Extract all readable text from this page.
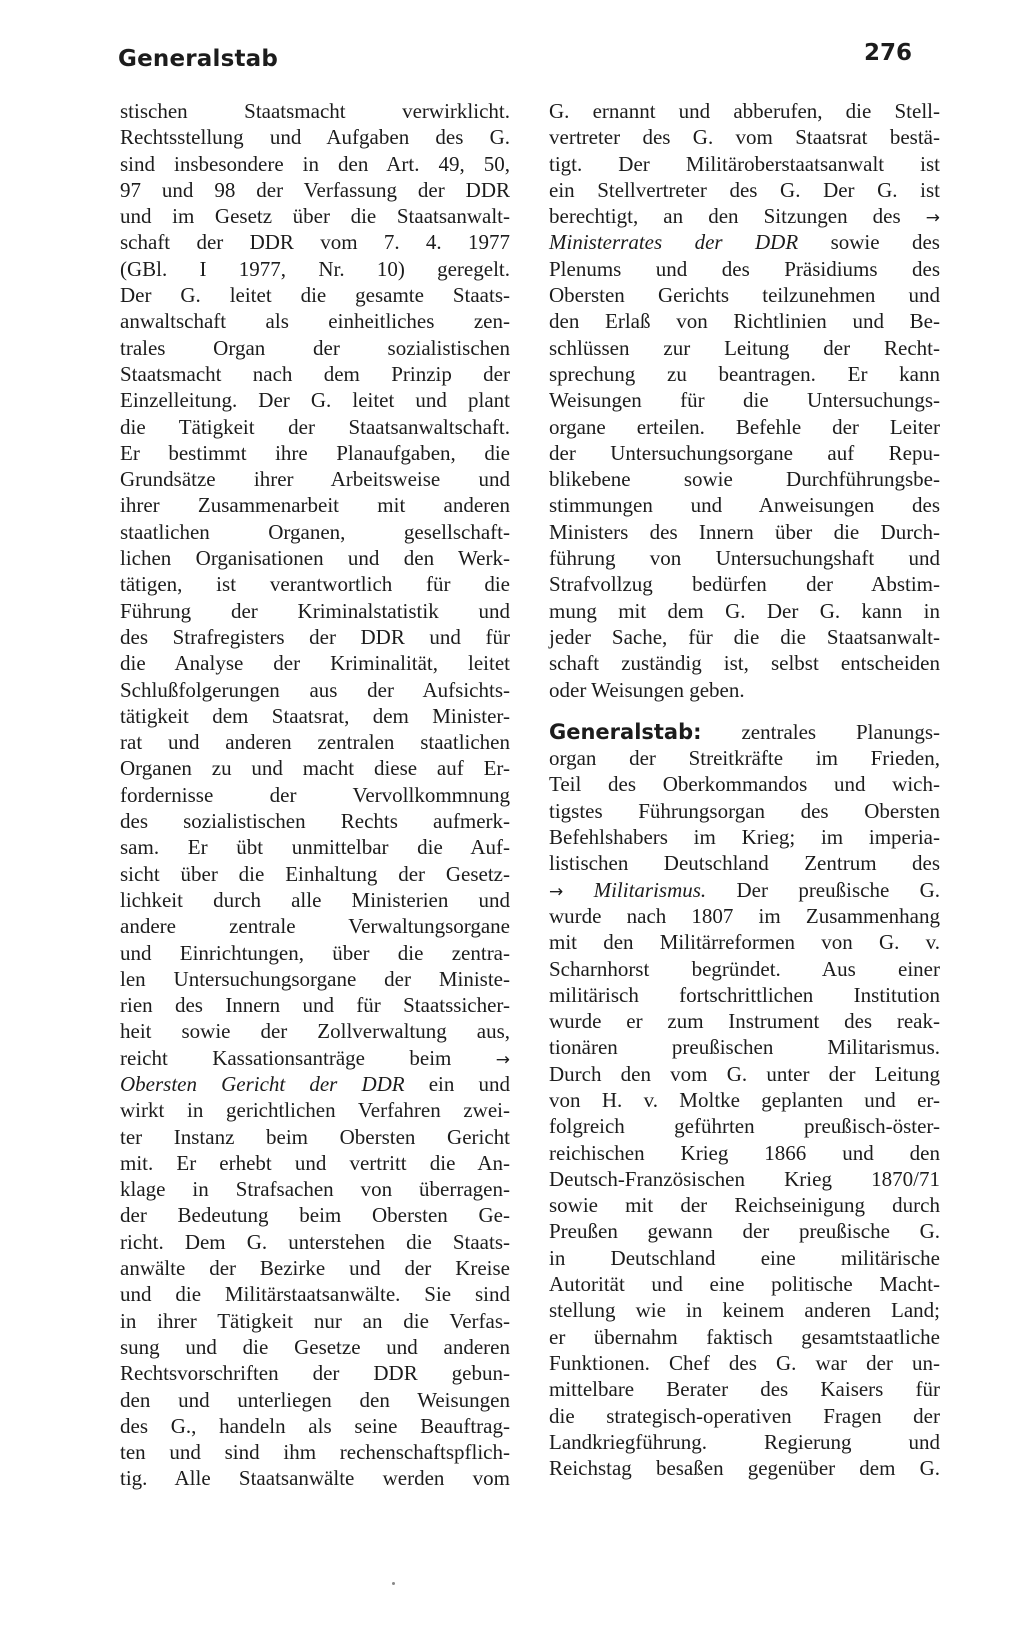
Generalstab	276
stischen Staatsmacht verwirklicht.
Rechtsstellung und Aufgaben des G.
sind insbesondere in den Art. 49, 50,
97 und 98 der Verfassung der DDR
und im Gesetz über die Staatsanwalt-
schaft der DDR vom 7. 4. 1977
(GBl. I 1977, Nr. 10) geregelt.
Der G. leitet die gesamte Staats-
anwaltschaft als einheitliches zen-
trales Organ der sozialistischen
Staatsmacht nach dem Prinzip der
Einzelleitung. Der G. leitet und plant
die Tätigkeit der Staatsanwaltschaft.
Er bestimmt ihre Planaufgaben, die
Grundsätze ihrer Arbeitsweise und
ihrer Zusammenarbeit mit anderen
staatlichen Organen, gesellschaft-
lichen Organisationen und den Werk-
tätigen, ist verantwortlich für die
Führung der Kriminalstatistik und
des Strafregisters der DDR und für
die Analyse der Kriminalität, leitet
Schlußfolgerungen aus der Aufsichts-
tätigkeit dem Staatsrat, dem Minister-
rat und anderen zentralen staatlichen
Organen zu und macht diese auf Er-
fordernisse der Vervollkommnung
des sozialistischen Rechts aufmerk-
sam. Er übt unmittelbar die Auf-
sicht über die Einhaltung der Gesetz-
lichkeit durch alle Ministerien und
andere zentrale Verwaltungsorgane
und Einrichtungen, über die zentra-
len Untersuchungsorgane der Ministe-
rien des Innern und für Staatssicher-
heit sowie der Zollverwaltung aus,
reicht Kassationsanträge beim	→
Obersten Gericht der DDR ein und
wirkt in gerichtlichen Verfahren zwei-
ter Instanz beim Obersten Gericht
mit. Er erhebt und vertritt die An-
klage in Strafsachen von überragen-
der Bedeutung beim Obersten Ge-
richt. Dem G. unterstehen die Staats-
anwälte der Bezirke und der Kreise
und die Militärstaatsanwälte. Sie sind
in ihrer Tätigkeit nur an die Verfas-
sung und die Gesetze und anderen
Rechtsvorschriften der DDR gebun-
den und unterliegen den Weisungen
des G., handeln als seine Beauftrag-
ten und sind ihm rechenschaftspflich-
tig. Alle Staatsanwälte werden vom
G. ernannt und abberufen, die Stell-
vertreter des G. vom Staatsrat bestä-
tigt. Der Militäroberstaatsanwalt ist
ein Stellvertreter des G. Der G. ist
berechtigt, an den Sitzungen des →
Ministerrates der DDR sowie des
Plenums und des Präsidiums des
Obersten Gerichts teilzunehmen und
den Erlaß von Richtlinien und Be-
schlüssen zur Leitung der Recht-
sprechung zu beantragen. Er kann
Weisungen für die Untersuchungs-
organe erteilen. Befehle der Leiter
der Untersuchungsorgane auf Repu-
blikebene sowie Durchführungsbe-
stimmungen und Anweisungen des
Ministers des Innern über die Durch-
führung von Untersuchungshaft und
Strafvollzug bedürfen der Abstim-
mung mit dem G. Der G. kann in
jeder Sache, für die die Staatsanwalt-
schaft zuständig ist, selbst entscheiden
oder Weisungen geben.
Generalstab: zentrales Planungs-
organ der Streitkräfte im Frieden,
Teil des Oberkommandos und wich-
tigstes Führungsorgan des Obersten
Befehlshabers im Krieg; im imperia-
listischen Deutschland Zentrum des
→ Militarismus. Der preußische G.
wurde nach 1807 im Zusammenhang
mit den Militärreformen von G. v.
Scharnhorst begründet. Aus einer
militärisch fortschrittlichen Institution
wurde er zum Instrument des reak-
tionären preußischen Militarismus.
Durch den vom G. unter der Leitung
von H. v. Moltke geplanten und er-
folgreich geführten preußisch-öster-
reichischen Krieg 1866 und den
Deutsch-Französischen Krieg 1870/71
sowie mit der Reichseinigung durch
Preußen gewann der preußische G.
in Deutschland eine militärische
Autorität und eine politische Macht-
stellung wie in keinem anderen Land;
er übernahm faktisch gesamtstaatliche
Funktionen. Chef des G. war der un-
mittelbare Berater des Kaisers für
die strategisch-operativen Fragen der
Landkriegführung. Regierung und
Reichstag besaßen gegenüber dem G.
